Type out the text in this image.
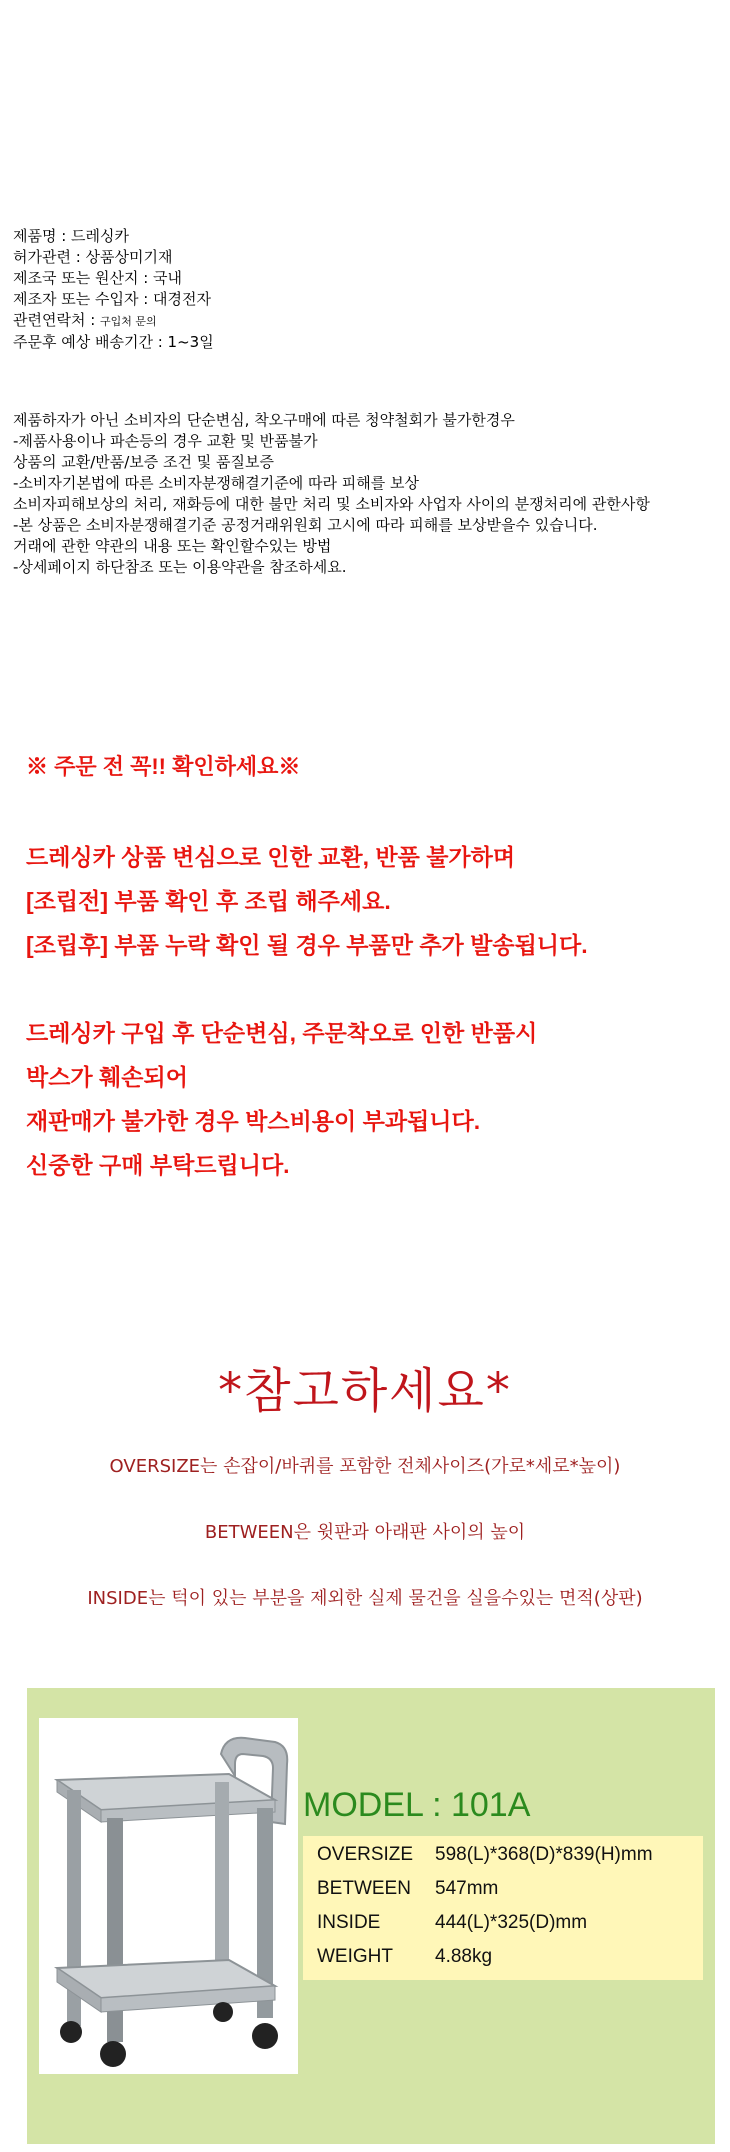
제품명 : 드레싱카
허가관련 : 상품상미기재
제조국 또는 원산지 : 국내
제조자 또는 수입자 : 대경전자
관련연락처 : 구입처 문의
주문후 예상 배송기간 : 1~3일
제품하자가 아닌 소비자의 단순변심, 착오구매에 따른 청약철회가 불가한경우
-제품사용이나 파손등의 경우 교환 및 반품불가
상품의 교환/반품/보증 조건 및 품질보증
-소비자기본법에 따른 소비자분쟁해결기준에 따라 피해를 보상
소비자피해보상의 처리, 재화등에 대한 불만 처리 및 소비자와 사업자 사이의 분쟁처리에 관한사항
-본 상품은 소비자분쟁해결기준 공정거래위원회 고시에 따라 피해를 보상받을수 있습니다.
거래에 관한 약관의 내용 또는 확인할수있는 방법
-상세페이지 하단참조 또는 이용약관을 참조하세요.
※ 주문 전 꼭!! 확인하세요※
드레싱카 상품 변심으로 인한 교환, 반품 불가하며
[조립전] 부품 확인 후 조립 해주세요.
[조립후] 부품 누락 확인 될 경우 부품만 추가 발송됩니다.
드레싱카 구입 후 단순변심, 주문착오로 인한 반품시
박스가 훼손되어
재판매가 불가한 경우 박스비용이 부과됩니다.
신중한 구매 부탁드립니다.
*참고하세요*
OVERSIZE는 손잡이/바퀴를 포함한 전체사이즈(가로*세로*높이)
BETWEEN은 윗판과 아래판 사이의 높이
INSIDE는 턱이 있는 부분을 제외한 실제 물건을 실을수있는 면적(상판)
MODEL : 101A
OVERSIZE 598(L)*368(D)*839(H)mm
BETWEEN 547mm
INSIDE	444(L)*325(D)mm
WEIGHT 4.88kg
